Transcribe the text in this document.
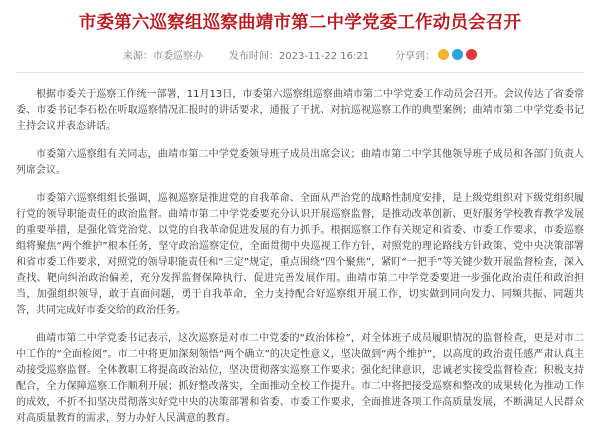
市委第六巡察组巡察曲靖市第二中学党委工作动员会召开
来源：市委巡察办	发布时间：2023-11-22 16:21	分享到：

根据市委关于巡察工作统一部署，11月13日，市委第六巡察组巡察曲靖市第二中学党委工作动员会召开。会议传达了省委常委、市委书记李石松在听取巡察情况汇报时的讲话要求，通报了干扰、对抗巡视巡察工作的典型案例；曲靖市第二中学党委书记主持会议并表态讲话。

市委第六巡察组有关同志，曲靖市第二中学党委领导班子成员出席会议；曲靖市第二中学其他领导班子成员和各部门负责人列席会议。

市委第六巡察组组长强调，巡视巡察是推进党的自我革命、全面从严治党的战略性制度安排，是上级党组织对下级党组织履行党的领导职能责任的政治监督。曲靖市第二中学党委要充分认识开展巡察监督，是推动改革创新、更好服务学校教育教学发展的重要举措，是强化管党治党、以党的自我革命促进发展的有力抓手。根据巡察工作有关规定和省委、市委工作要求，市委巡察组将聚焦“两个维护”根本任务，坚守政治巡察定位，全面贯彻中央巡视工作方针，对照党的理论路线方针政策、党中央决策部署和省市委工作要求，对照党的领导职能责任和“三定”规定，重点围绕“四个聚焦”，紧盯“一把手”等关键少数开展监督检查，深入查找、靶向纠治政治偏差，充分发挥监督保障执行、促进完善发展作用。曲靖市第二中学党委要进一步强化政治责任和政治担当，加强组织领导，敢于直面问题，勇于自我革命，全力支持配合好巡察组开展工作，切实做到同向发力、同频共振、同题共答，共同完成好市委交给的政治任务。

曲靖市第二中学党委书记表示，这次巡察是对市二中党委的“政治体检”，对全体班子成员履职情况的监督检查，更是对市二中工作的“全面检阅”。市二中将更加深刻领悟“两个确立”的决定性意义，坚决做到“两个维护”，以高度的政治责任感严肃认真主动接受巡察监督。全体教职工将提高政治站位，坚决贯彻落实巡察工作要求；强化纪律意识，忠诚老实接受监督检查；积极支持配合，全力保障巡察工作顺利开展；抓好整改落实，全面推动全校工作提升。市二中将把接受巡察和整改的成果转化为推动工作的成效，不折不扣坚决贯彻落实好党中央的决策部署和省委、市委工作要求，全面推进各项工作高质量发展，不断满足人民群众对高质量教育的需求，努力办好人民满意的教育。
